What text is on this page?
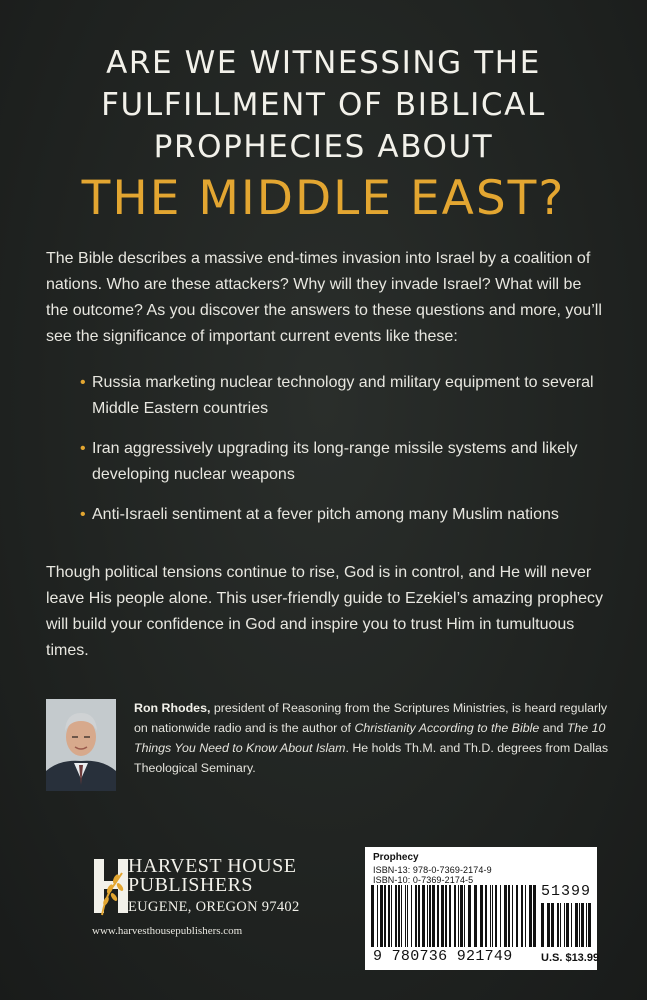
ARE WE WITNESSING THE
FULFILLMENT OF BIBLICAL
PROPHECIES ABOUT
THE MIDDLE EAST?

The Bible describes a massive end-times invasion into Israel by a coalition of nations. Who are these attackers? Why will they invade Israel? What will be the outcome? As you discover the answers to these questions and more, you’ll see the significance of important current events like these:

• Russia marketing nuclear technology and military equipment to several Middle Eastern countries
• Iran aggressively upgrading its long-range missile systems and likely developing nuclear weapons
• Anti-Israeli sentiment at a fever pitch among many Muslim nations

Though political tensions continue to rise, God is in control, and He will never leave His people alone. This user-friendly guide to Ezekiel’s amazing prophecy will build your confidence in God and inspire you to trust Him in tumultuous times.

Ron Rhodes, president of Reasoning from the Scriptures Ministries, is heard regularly on nationwide radio and is the author of Christianity According to the Bible and The 10 Things You Need to Know About Islam. He holds Th.M. and Th.D. degrees from Dallas Theological Seminary.

HARVEST HOUSE
PUBLISHERS
EUGENE, OREGON 97402
www.harvesthousepublishers.com
Prophecy
ISBN-13: 978-0-7369-2174-9
ISBN-10: 0-7369-2174-5
51399
9 780736 921749	U.S. $13.99
